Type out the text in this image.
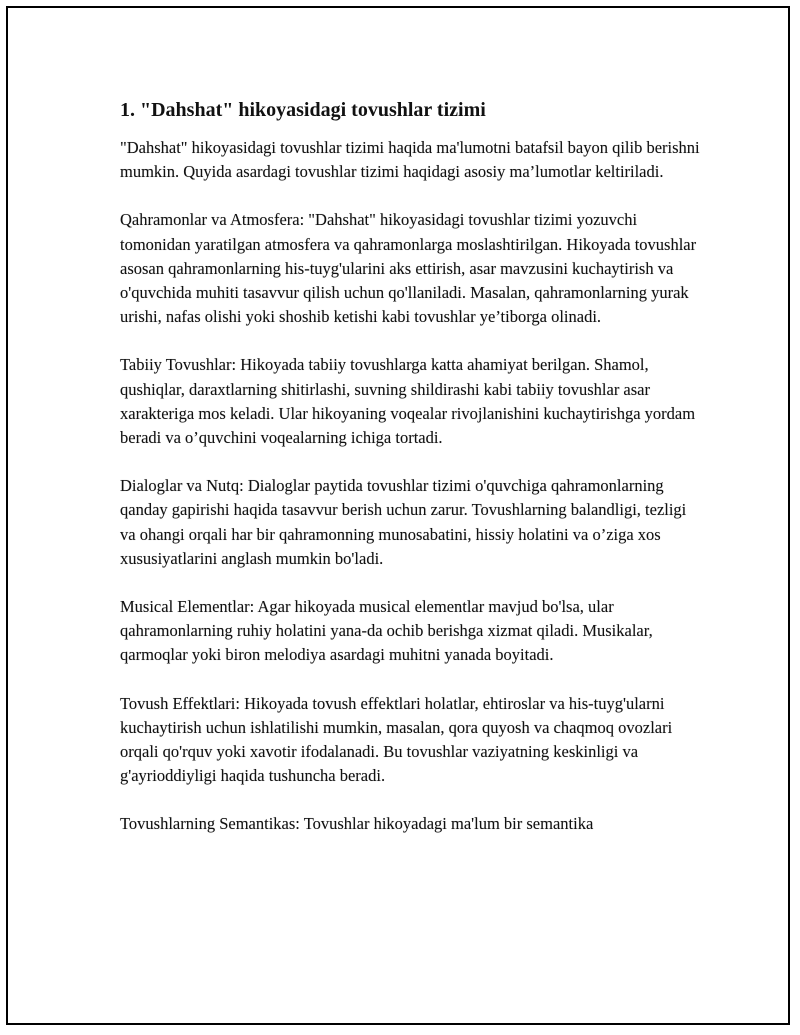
1. "Dahshat" hikoyasidagi tovushlar tizimi

"Dahshat" hikoyasidagi tovushlar tizimi haqida ma'lumotni batafsil bayon qilib berishni mumkin. Quyida asardagi tovushlar tizimi haqidagi asosiy ma’lumotlar keltiriladi.

Qahramonlar va Atmosfera: "Dahshat" hikoyasidagi tovushlar tizimi yozuvchi tomonidan yaratilgan atmosfera va qahramonlarga moslashtirilgan. Hikoyada tovushlar asosan qahramonlarning his-tuyg'ularini aks ettirish, asar mavzusini kuchaytirish va o'quvchida muhiti tasavvur qilish uchun qo'llaniladi. Masalan, qahramonlarning yurak urishi, nafas olishi yoki shoshib ketishi kabi tovushlar ye’tiborga olinadi.

Tabiiy Tovushlar: Hikoyada tabiiy tovushlarga katta ahamiyat berilgan. Shamol, qushiqlar, daraxtlarning shitirlashi, suvning shildirashi kabi tabiiy tovushlar asar xarakteriga mos keladi. Ular hikoyaning voqealar rivojlanishini kuchaytirishga yordam beradi va o’quvchini voqealarning ichiga tortadi.

Dialoglar va Nutq: Dialoglar paytida tovushlar tizimi o'quvchiga qahramonlarning qanday gapirishi haqida tasavvur berish uchun zarur. Tovushlarning balandligi, tezligi va ohangi orqali har bir qahramonning munosabatini, hissiy holatini va o’ziga xos xususiyatlarini anglash mumkin bo'ladi.

Musical Elementlar: Agar hikoyada musical elementlar mavjud bo'lsa, ular qahramonlarning ruhiy holatini yana-da ochib berishga xizmat qiladi. Musikalar, qarmoqlar yoki biron melodiya asardagi muhitni yanada boyitadi.

Tovush Effektlari: Hikoyada tovush effektlari holatlar, ehtiroslar va his-tuyg'ularni kuchaytirish uchun ishlatilishi mumkin, masalan, qora quyosh va chaqmoq ovozlari orqali qo'rquv yoki xavotir ifodalanadi. Bu tovushlar vaziyatning keskinligi va g'ayrioddiyligi haqida tushuncha beradi.

Tovushlarning Semantikas: Tovushlar hikoyadagi ma'lum bir semantika
